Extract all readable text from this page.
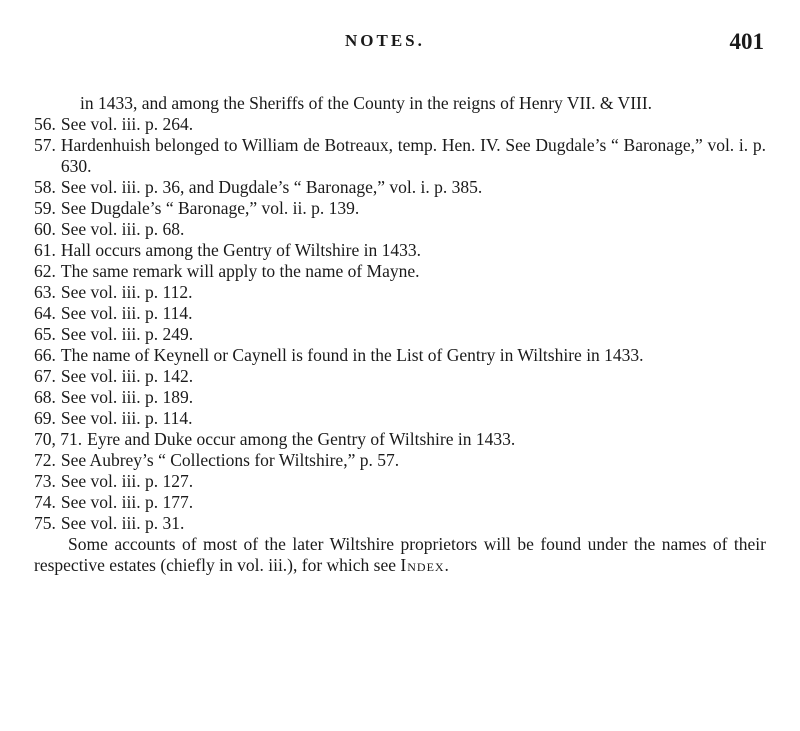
NOTES.	401
in 1433, and among the Sheriffs of the County in the reigns of Henry VII. & VIII.
56. See vol. iii. p. 264.
57. Hardenhuish belonged to William de Botreaux, temp. Hen. IV. See Dugdale’s “ Baronage,” vol. i. p. 630.
58. See vol. iii. p. 36, and Dugdale’s “ Baronage,” vol. i. p. 385.
59. See Dugdale’s “ Baronage,” vol. ii. p. 139.
60. See vol. iii. p. 68.
61. Hall occurs among the Gentry of Wiltshire in 1433.
62. The same remark will apply to the name of Mayne.
63. See vol. iii. p. 112.
64. See vol. iii. p. 114.
65. See vol. iii. p. 249.
66. The name of Keynell or Caynell is found in the List of Gentry in Wiltshire in 1433.
67. See vol. iii. p. 142.
68. See vol. iii. p. 189.
69. See vol. iii. p. 114.
70, 71. Eyre and Duke occur among the Gentry of Wiltshire in 1433.
72. See Aubrey’s “ Collections for Wiltshire,” p. 57.
73. See vol. iii. p. 127.
74. See vol. iii. p. 177.
75. See vol. iii. p. 31.
Some accounts of most of the later Wiltshire proprietors will be found under the names of their respective estates (chiefly in vol. iii.), for which see Index.
